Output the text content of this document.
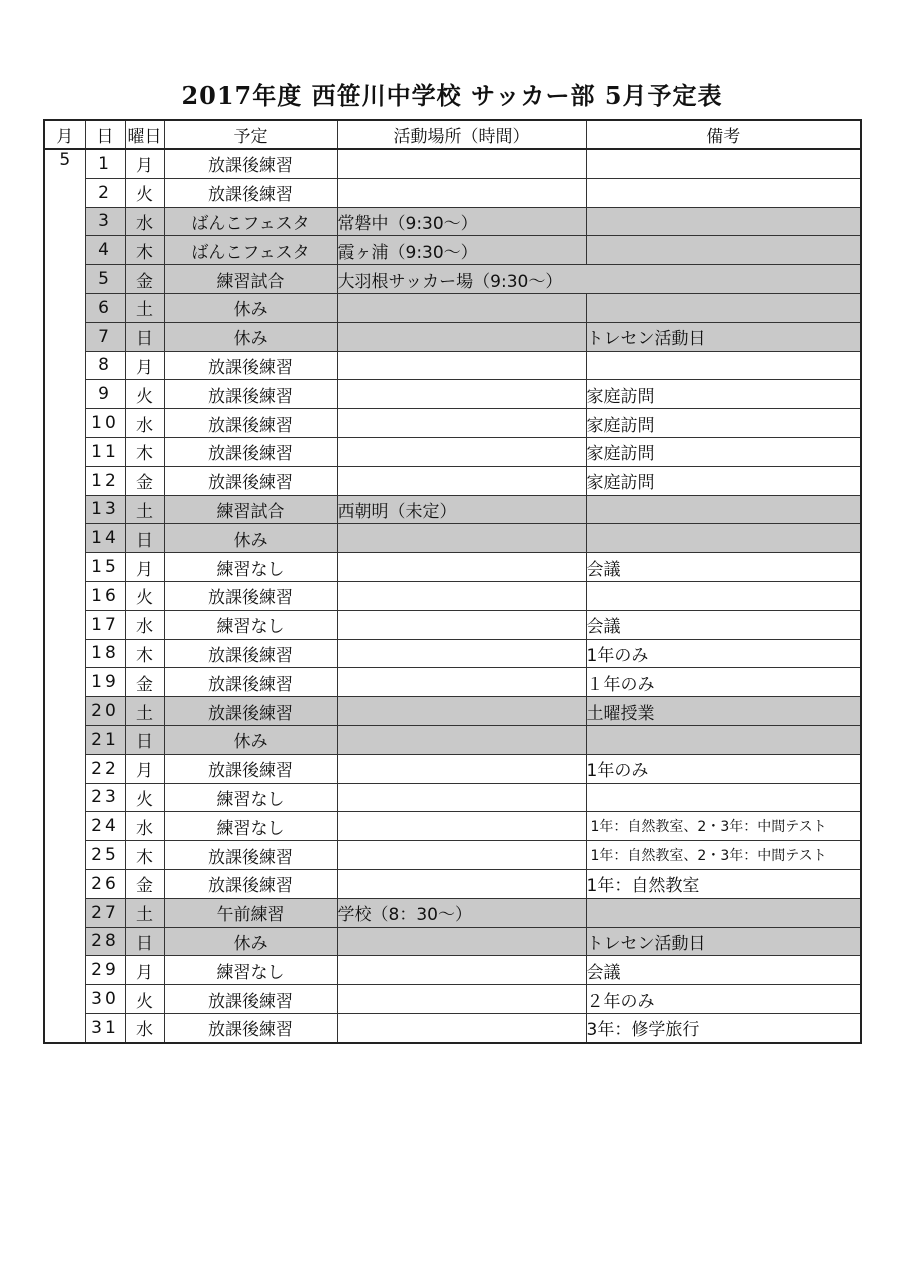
2017年度 西笹川中学校 サッカー部 5月予定表
月	日	曜日	予定	活動場所（時間）	備考
5	1	月	放課後練習		
	2	火	放課後練習		
	3	水	ばんこフェスタ	常磐中（9:30～）	
	4	木	ばんこフェスタ	霞ヶ浦（9:30～）	
	5	金	練習試合	大羽根サッカー場（9:30～）	
	6	土	休み		
	7	日	休み		トレセン活動日
	8	月	放課後練習		
	9	火	放課後練習		家庭訪問
	10	水	放課後練習		家庭訪問
	11	木	放課後練習		家庭訪問
	12	金	放課後練習		家庭訪問
	13	土	練習試合	西朝明（未定）	
	14	日	休み		
	15	月	練習なし		会議
	16	火	放課後練習		
	17	水	練習なし		会議
	18	木	放課後練習		1年のみ
	19	金	放課後練習		１年のみ
	20	土	放課後練習		土曜授業
	21	日	休み		
	22	月	放課後練習		1年のみ
	23	火	練習なし		
	24	水	練習なし		1年：自然教室、2・3年：中間テスト
	25	木	放課後練習		1年：自然教室、2・3年：中間テスト
	26	金	放課後練習		1年：自然教室
	27	土	午前練習	学校（8：30～）	
	28	日	休み		トレセン活動日
	29	月	練習なし		会議
	30	火	放課後練習		２年のみ
	31	水	放課後練習		3年：修学旅行
